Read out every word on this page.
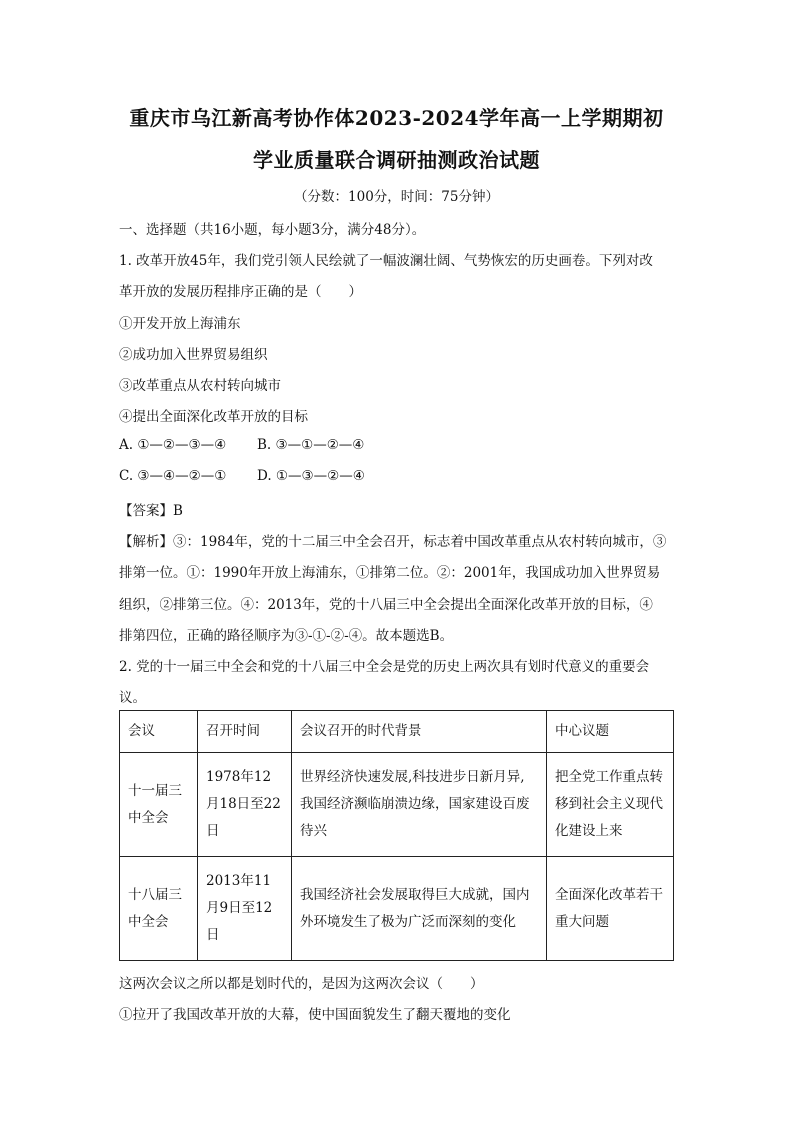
重庆市乌江新高考协作体2023-2024学年高一上学期期初
学业质量联合调研抽测政治试题
（分数：100分，时间：75分钟）
一、选择题（共16小题，每小题3分，满分48分）。
1. 改革开放45年，我们党引领人民绘就了一幅波澜壮阔、气势恢宏的历史画卷。下列对改
革开放的发展历程排序正确的是（　　）
①开发开放上海浦东
②成功加入世界贸易组织
③改革重点从农村转向城市
④提出全面深化改革开放的目标
A. ①—②—③—④ B. ③—①—②—④
C. ③—④—②—① D. ①—③—②—④
【答案】B
【解析】③：1984年，党的十二届三中全会召开，标志着中国改革重点从农村转向城市，③
排第一位。①：1990年开放上海浦东，①排第二位。②：2001年，我国成功加入世界贸易
组织，②排第三位。④：2013年，党的十八届三中全会提出全面深化改革开放的目标，④
排第四位，正确的路径顺序为③-①-②-④。故本题选B。
2. 党的十一届三中全会和党的十八届三中全会是党的历史上两次具有划时代意义的重要会
议。
会议	召开时间	会议召开的时代背景	中心议题
十一届三中全会	1978年12月18日至22日	世界经济快速发展,科技进步日新月异,我国经济濒临崩溃边缘，国家建设百废待兴	把全党工作重点转移到社会主义现代化建设上来
十八届三中全会	2013年11月9日至12日	我国经济社会发展取得巨大成就，国内外环境发生了极为广泛而深刻的变化	全面深化改革若干重大问题
这两次会议之所以都是划时代的，是因为这两次会议（　　）
①拉开了我国改革开放的大幕，使中国面貌发生了翻天覆地的变化
